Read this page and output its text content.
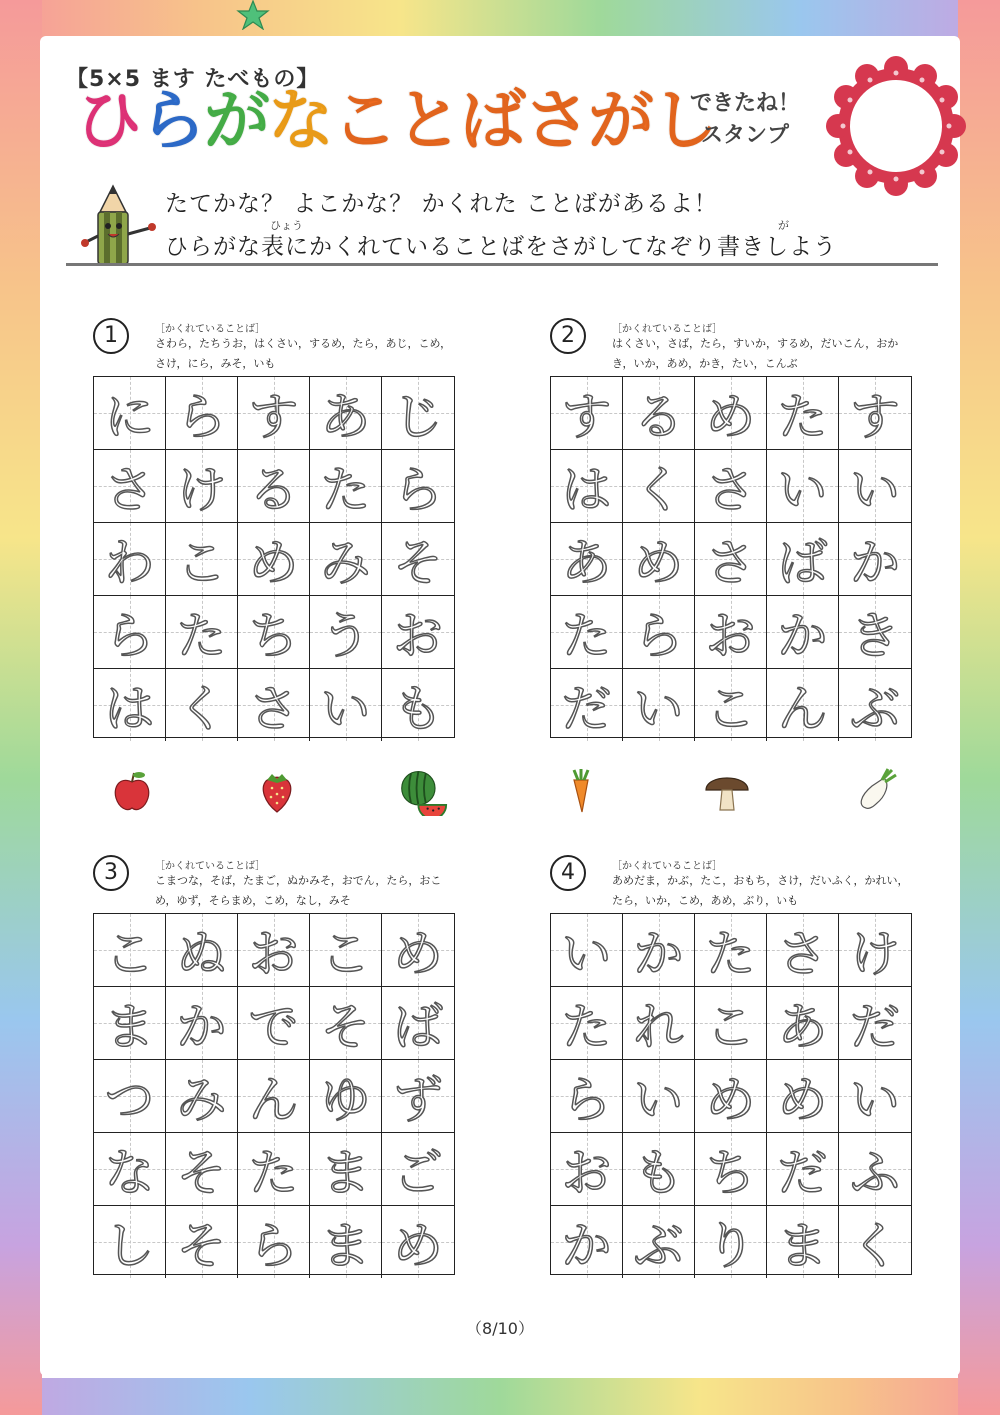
【5×5 ます たべもの】
ひらがなことばさがし
できたね！
スタンプ
たてかな？ よこかな？ かくれた ことばがあるよ！
ひょう	が
ひらがな表にかくれていることばをさがしてなぞり書きしよう
1	［かくれていることば］
さわら，たちうお，はくさい，するめ，たら，あじ，こめ，さけ，にら，みそ，いも
に ら す あ じ
さ け る た ら
わ こ め み そ
ら た ち う お
は く さ い も
2	［かくれていることば］
はくさい，さば，たら，すいか，するめ，だいこん，おかき，いか，あめ，かき，たい，こんぶ
す る め た す
は く さ い い
あ め さ ば か
た ら お か き
だ い こ ん ぶ
3	［かくれていることば］
こまつな，そば，たまご，ぬかみそ，おでん，たら，おこめ，ゆず，そらまめ，こめ，なし，みそ
こ ぬ お こ め
ま か で そ ば
つ み ん ゆ ず
な そ た ま ご
し そ ら ま め
4	［かくれていることば］
あめだま，かぶ，たこ，おもち，さけ，だいふく，かれい，たら，いか，こめ，あめ，ぶり，いも
い か た さ け
た れ こ あ だ
ら い め め い
お も ち だ ふ
か ぶ り ま く
（8/10）
